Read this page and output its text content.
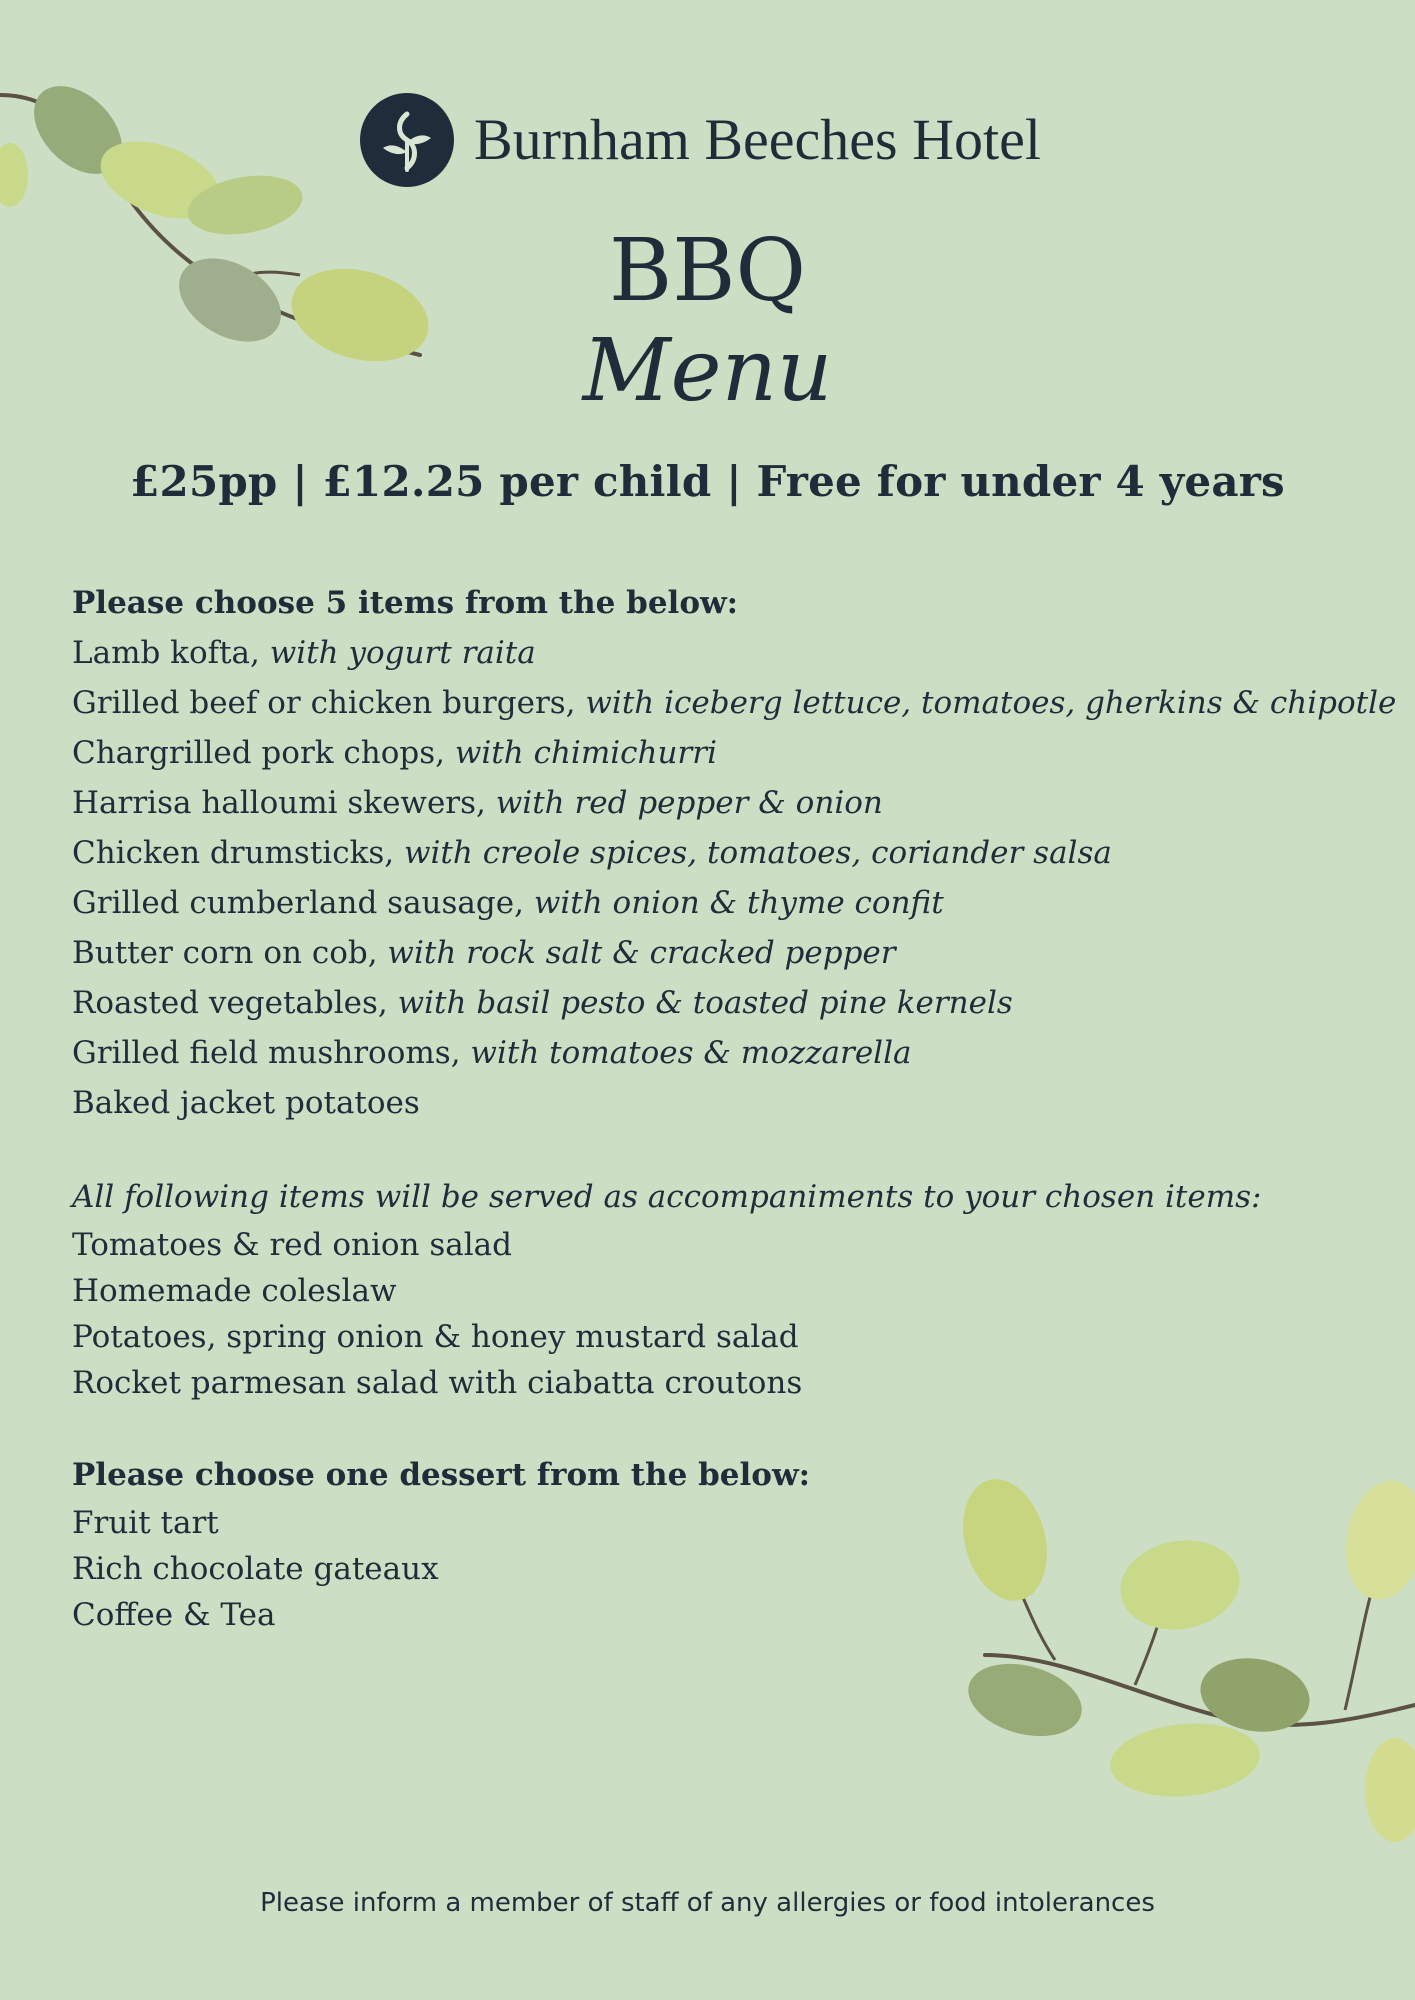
Burnham Beeches Hotel
BBQ
Menu
£25pp | £12.25 per child | Free for under 4 years
Please choose 5 items from the below:
Lamb kofta, with yogurt raita
Grilled beef or chicken burgers, with iceberg lettuce, tomatoes, gherkins & chipotle
Chargrilled pork chops, with chimichurri
Harrisa halloumi skewers, with red pepper & onion
Chicken drumsticks, with creole spices, tomatoes, coriander salsa
Grilled cumberland sausage, with onion & thyme confit
Butter corn on cob, with rock salt & cracked pepper
Roasted vegetables, with basil pesto & toasted pine kernels
Grilled field mushrooms, with tomatoes & mozzarella
Baked jacket potatoes
All following items will be served as accompaniments to your chosen items:
Tomatoes & red onion salad
Homemade coleslaw
Potatoes, spring onion & honey mustard salad
Rocket parmesan salad with ciabatta croutons
Please choose one dessert from the below:
Fruit tart
Rich chocolate gateaux
Coffee & Tea
Please inform a member of staff of any allergies or food intolerances
